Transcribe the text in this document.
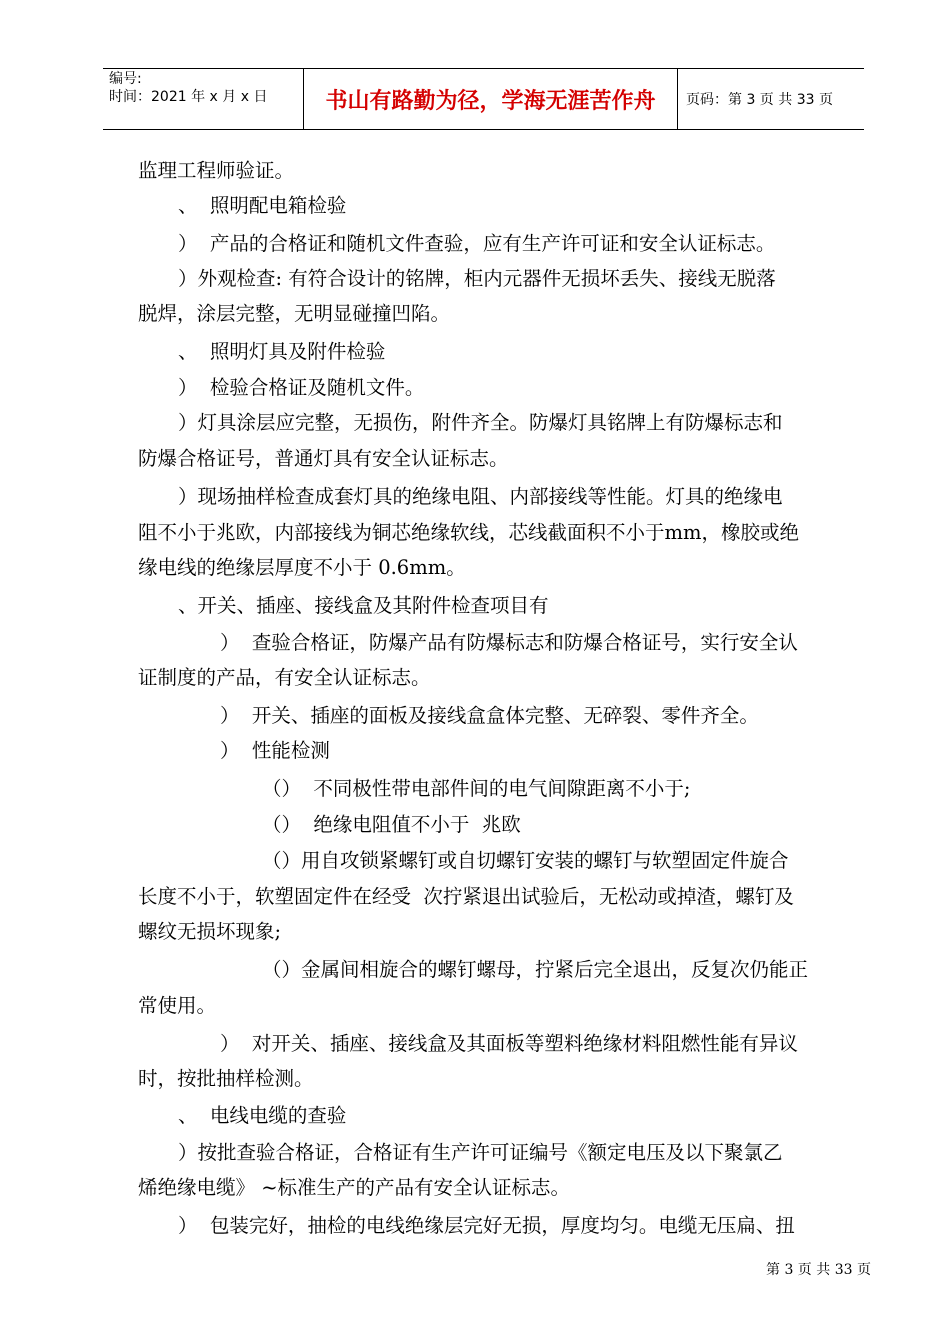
编号:
时间：2021 年 x 月 x 日	书山有路勤为径，学海无涯苦作舟	页码：第 3 页 共 33 页
监理工程师验证。
、  照明配电箱检验
）  产品的合格证和随机文件查验，应有生产许可证和安全认证标志。
）外观检查: 有符合设计的铭牌，柜内元器件无损坏丢失、接线无脱落
脱焊，涂层完整，无明显碰撞凹陷。
、  照明灯具及附件检验
）  检验合格证及随机文件。
）灯具涂层应完整，无损伤，附件齐全。防爆灯具铭牌上有防爆标志和
防爆合格证号，普通灯具有安全认证标志。
）现场抽样检查成套灯具的绝缘电阻、内部接线等性能。灯具的绝缘电
阻不小于兆欧，内部接线为铜芯绝缘软线，芯线截面积不小于mm，橡胶或绝
缘电线的绝缘层厚度不小于 0.6mm。
、开关、插座、接线盒及其附件检查项目有
）  查验合格证，防爆产品有防爆标志和防爆合格证号，实行安全认
证制度的产品，有安全认证标志。
）  开关、插座的面板及接线盒盒体完整、无碎裂、零件齐全。
）  性能检测
（）  不同极性带电部件间的电气间隙距离不小于;
（）  绝缘电阻值不小于  兆欧
（）用自攻锁紧螺钉或自切螺钉安装的螺钉与软塑固定件旋合
长度不小于，软塑固定件在经受  次拧紧退出试验后，无松动或掉渣，螺钉及
螺纹无损坏现象;
（）金属间相旋合的螺钉螺母，拧紧后完全退出，反复次仍能正
常使用。
）  对开关、插座、接线盒及其面板等塑料绝缘材料阻燃性能有异议
时，按批抽样检测。
、  电线电缆的查验
）按批查验合格证，合格证有生产许可证编号《额定电压及以下聚氯乙
烯绝缘电缆》 ~标准生产的产品有安全认证标志。
）  包装完好，抽检的电线绝缘层完好无损，厚度均匀。电缆无压扁、扭
第 3 页 共 33 页
